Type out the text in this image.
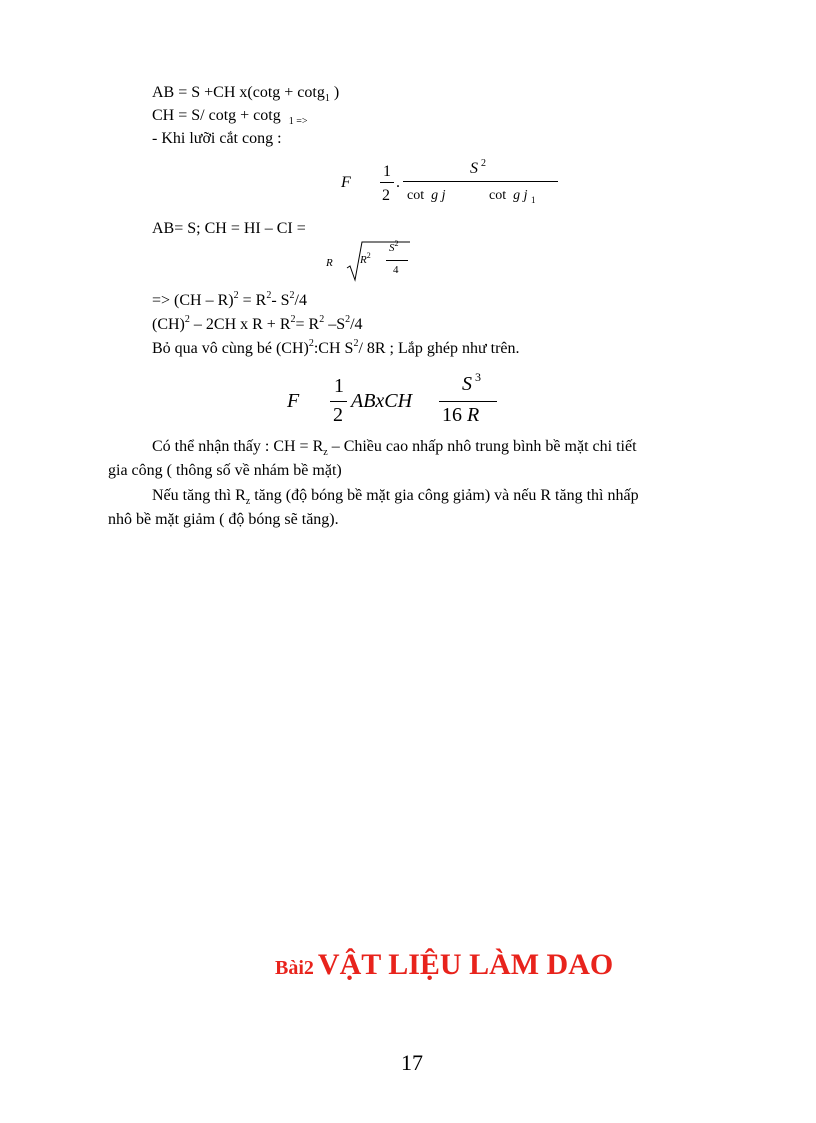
AB = S +CH x(cotg + cotg$_1$ )
CH = S/ cotg + cotg $_{1 =>}$
- Khi lưỡi cắt cong :
F
1
2
.
S $^2$
cot g j	cot g j $_1$
AB= S; CH = HI – CI =
R $R^2$
$S^2$
4
=> $(CH - R)^2 = R^2-$ $S^2/4$
(CH)$^2$ – 2CH x $R + R^2= R^2$ $-S^2/4$
Bỏ qua vô cùng bé (CH)$^2$:CH $S^2/$ 8R ; Lắp ghép như trên.
F
1
2
ABxCH
S $^3$
16 R
Có thể nhận thấy : CH = $R_z$ – Chiều cao nhấp nhô trung bình bề mặt chi tiết
gia công ( thông số về nhám bề mặt)
Nếu tăng thì $R_z$ tăng (độ bóng bề mặt gia công giảm) và nếu R tăng thì nhấp
nhô bề mặt giảm ( độ bóng sẽ tăng).
Bài2 VẬT LIỆU LÀM DAO
17
